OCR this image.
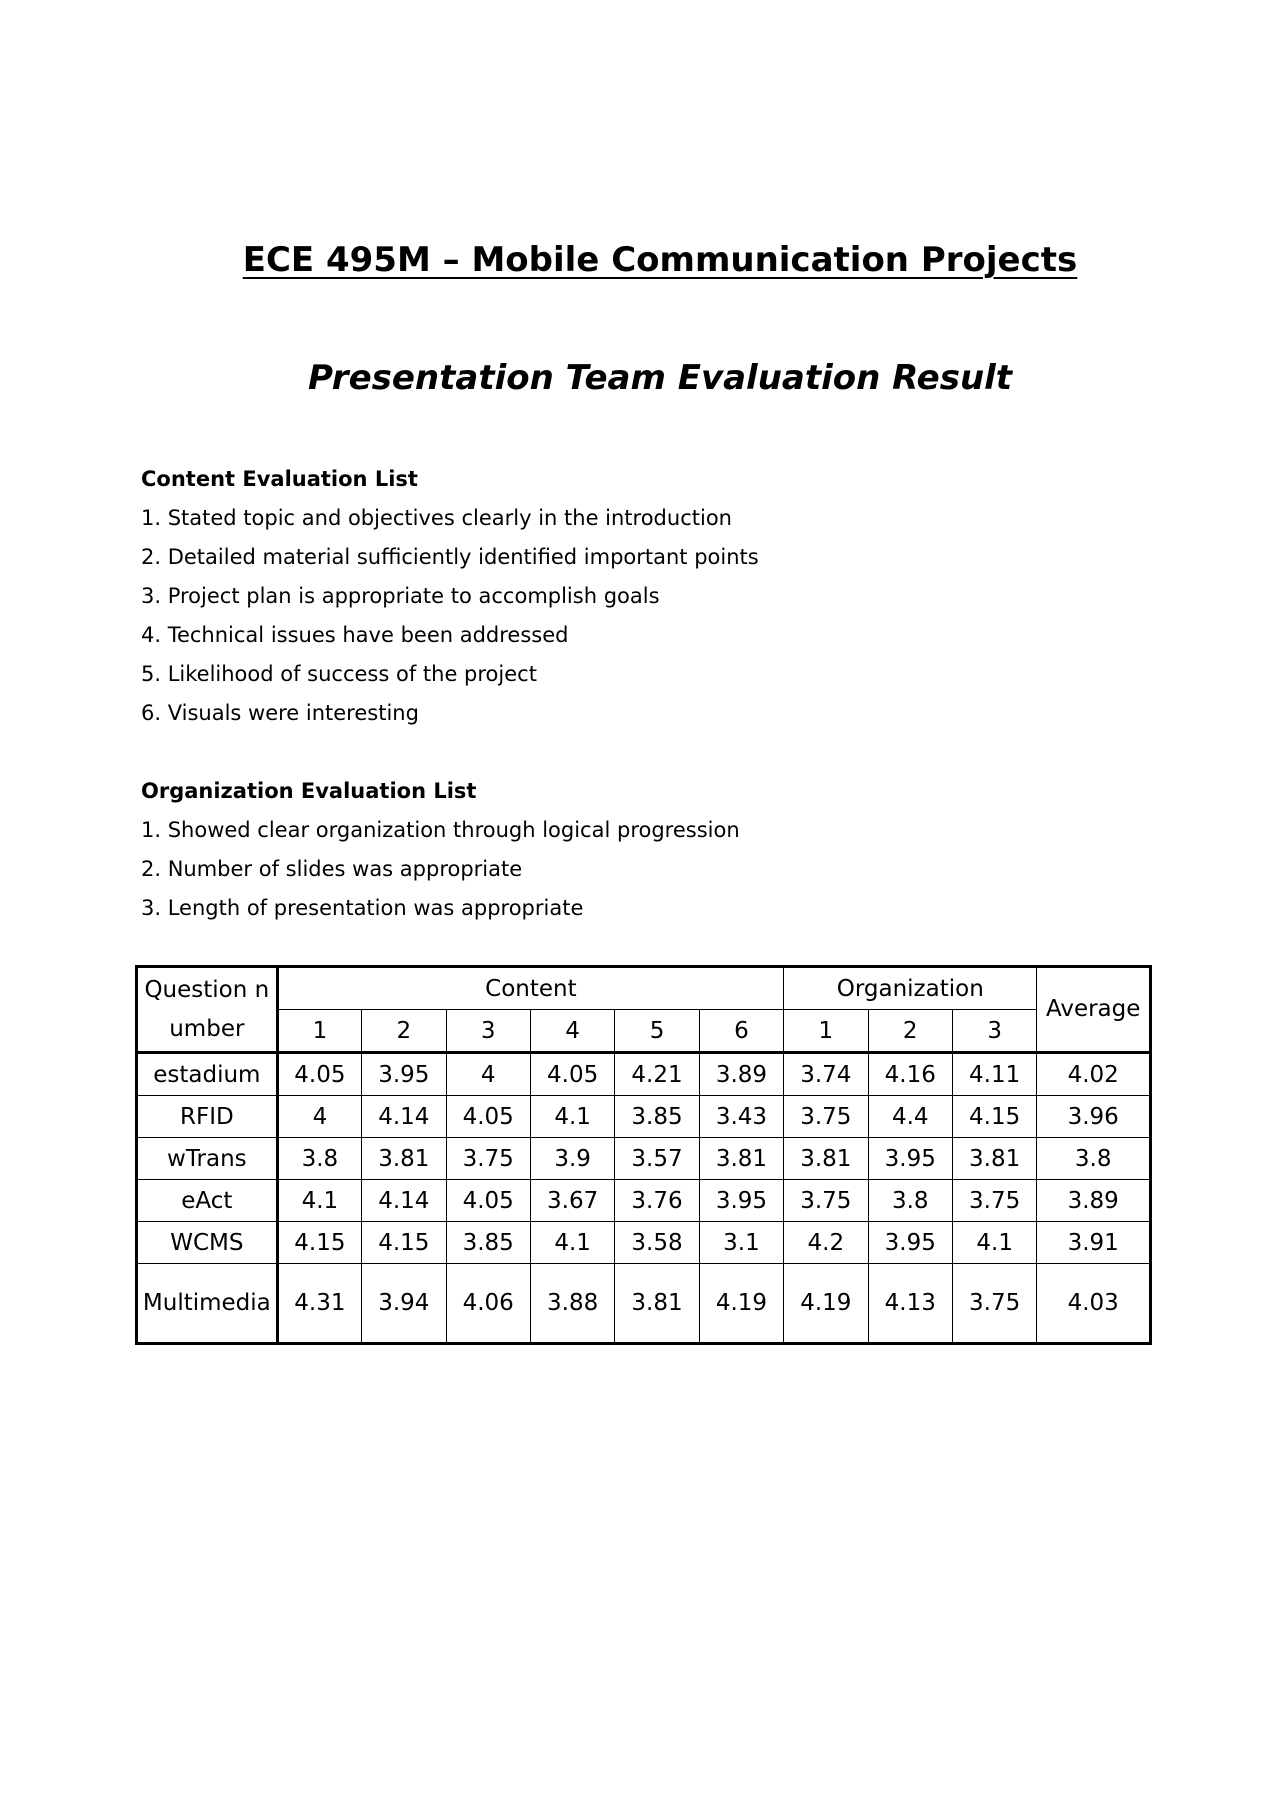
ECE 495M – Mobile Communication Projects
Presentation Team Evaluation Result
Content Evaluation List
1. Stated topic and objectives clearly in the introduction
2. Detailed material sufficiently identified important points
3. Project plan is appropriate to accomplish goals
4. Technical issues have been addressed
5. Likelihood of success of the project
6. Visuals were interesting
Organization Evaluation List
1. Showed clear organization through logical progression
2. Number of slides was appropriate
3. Length of presentation was appropriate
Question number	Content						Organization			Average
	1	2	3	4	5	6	1	2	3	
estadium	4.05	3.95	4	4.05	4.21	3.89	3.74	4.16	4.11	4.02
RFID	4	4.14	4.05	4.1	3.85	3.43	3.75	4.4	4.15	3.96
wTrans	3.8	3.81	3.75	3.9	3.57	3.81	3.81	3.95	3.81	3.8
eAct	4.1	4.14	4.05	3.67	3.76	3.95	3.75	3.8	3.75	3.89
WCMS	4.15	4.15	3.85	4.1	3.58	3.1	4.2	3.95	4.1	3.91
Multimedia	4.31	3.94	4.06	3.88	3.81	4.19	4.19	4.13	3.75	4.03
